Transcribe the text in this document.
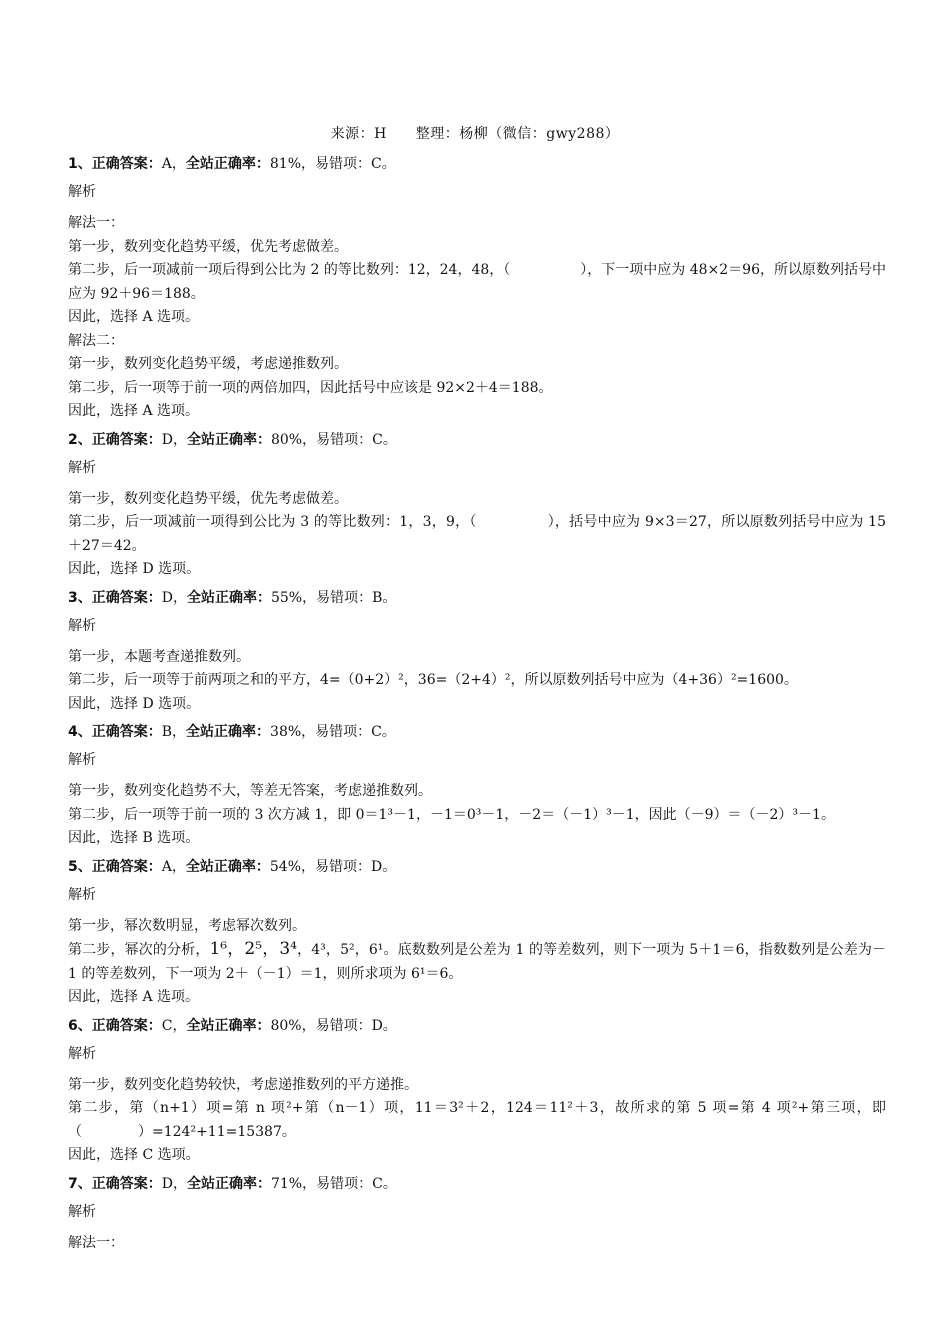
来源：H　　整理：杨柳（微信：gwy288）
1、正确答案：A，全站正确率：81%，易错项：C。
解析

解法一：

第一步，数列变化趋势平缓，优先考虑做差。

第二步，后一项减前一项后得到公比为 2 的等比数列：12，24，48，（　　　　　），下一项中应为 48×2＝96，所以原数列括号中应为 92＋96＝188。

因此，选择 A 选项。

解法二：

第一步，数列变化趋势平缓，考虑递推数列。

第二步，后一项等于前一项的两倍加四，因此括号中应该是 92×2＋4＝188。

因此，选择 A 选项。

2、正确答案：D，全站正确率：80%，易错项：C。
解析

第一步，数列变化趋势平缓，优先考虑做差。

第二步，后一项减前一项得到公比为 3 的等比数列：1，3，9，（　　　　　），括号中应为 9×3＝27，所以原数列括号中应为 15＋27＝42。

因此，选择 D 选项。

3、正确答案：D，全站正确率：55%，易错项：B。
解析

第一步，本题考查递推数列。

第二步，后一项等于前两项之和的平方，4=（0+2）²，36=（2+4）²，所以原数列括号中应为（4+36）²=1600。

因此，选择 D 选项。

4、正确答案：B，全站正确率：38%，易错项：C。
解析

第一步，数列变化趋势不大，等差无答案，考虑递推数列。

第二步，后一项等于前一项的 3 次方减 1，即 0＝1³－1，－1＝0³－1，－2＝（－1）³－1，因此（－9）＝（－2）³－1。

因此，选择 B 选项。

5、正确答案：A，全站正确率：54%，易错项：D。
解析

第一步，幂次数明显，考虑幂次数列。

第二步，幂次的分析，1⁶，2⁵，3⁴，4³，5²，6¹。底数数列是公差为 1 的等差数列，则下一项为 5＋1＝6，指数数列是公差为－1 的等差数列，下一项为 2＋（－1）＝1，则所求项为 6¹＝6。

因此，选择 A 选项。

6、正确答案：C，全站正确率：80%，易错项：D。
解析

第一步，数列变化趋势较快，考虑递推数列的平方递推。

第二步，第（n+1）项=第 n 项²+第（n－1）项，11＝3²＋2，124＝11²＋3，故所求的第 5 项=第 4 项²+第三项，即（　　　　）=124²+11=15387。

因此，选择 C 选项。

7、正确答案：D，全站正确率：71%，易错项：C。
解析

解法一：
